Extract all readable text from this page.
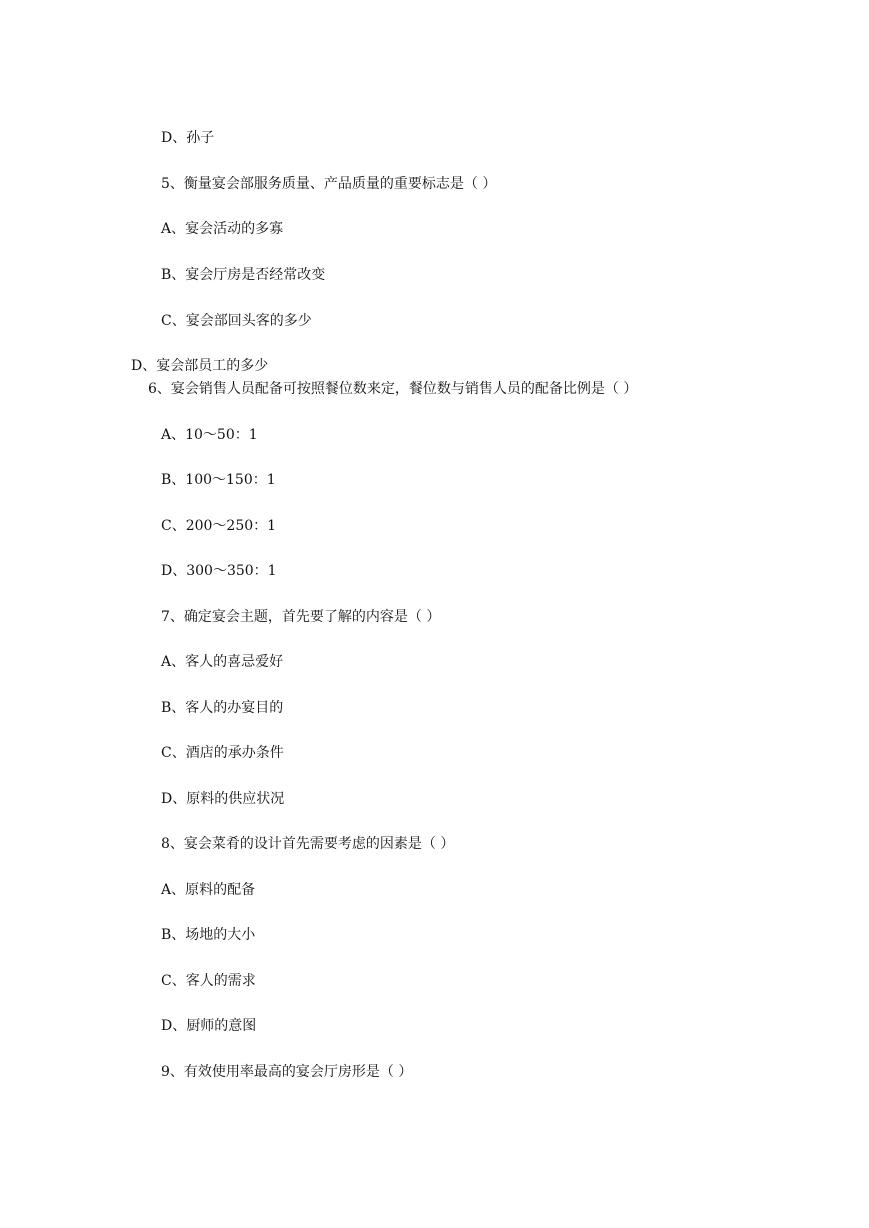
D、孙子
5、衡量宴会部服务质量、产品质量的重要标志是（ ）
A、宴会活动的多寡
B、宴会厅房是否经常改变
C、宴会部回头客的多少
D、宴会部员工的多少
6、宴会销售人员配备可按照餐位数来定，餐位数与销售人员的配备比例是（ ）
A、10～50：1
B、100～150：1
C、200～250：1
D、300～350：1
7、确定宴会主题，首先要了解的内容是（ ）
A、客人的喜忌爱好
B、客人的办宴目的
C、酒店的承办条件
D、原料的供应状况
8、宴会菜肴的设计首先需要考虑的因素是（ ）
A、原料的配备
B、场地的大小
C、客人的需求
D、厨师的意图
9、有效使用率最高的宴会厅房形是（ ）
